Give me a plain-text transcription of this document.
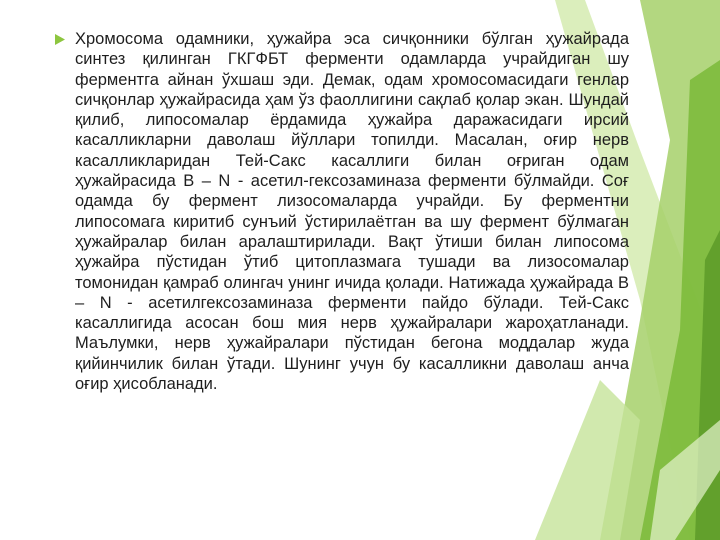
Хромосома одамники, ҳужайра эса сичқонники бўлган ҳужайрада синтез қилинган ГКГФБТ ферменти одамларда учрайдиган шу ферментга айнан ўхшаш эди. Демак, одам хромосомасидаги генлар сичқонлар ҳужайрасида ҳам ўз фаоллигини сақлаб қолар экан. Шундай қилиб, липосомалар ёрдамида ҳужайра даражасидаги ирсий касалликларни даволаш йўллари топилди. Масалан, оғир нерв касалликларидан Тей-Сакс касаллиги билан оғриган одам ҳужайрасида В – N - асетил-гексозаминаза ферменти бўлмайди. Соғ одамда бу фермент лизосомаларда учрайди. Бу ферментни липосомага киритиб сунъий ўстирилаётган ва шу фермент бўлмаган ҳужайралар билан аралаштирилади. Вақт ўтиши билан липосома ҳужайра пўстидан ўтиб цитоплазмага тушади ва лизосомалар томонидан қамраб олингач унинг ичида қолади. Натижада ҳужайрада В – N - асетилгексозаминаза ферменти пайдо бўлади. Тей-Сакс касаллигида асосан бош мия нерв ҳужайралари жароҳатланади. Маълумки, нерв ҳужайралари пўстидан бегона моддалар жуда қийинчилик билан ўтади. Шунинг учун бу касалликни даволаш анча оғир ҳисобланади.
